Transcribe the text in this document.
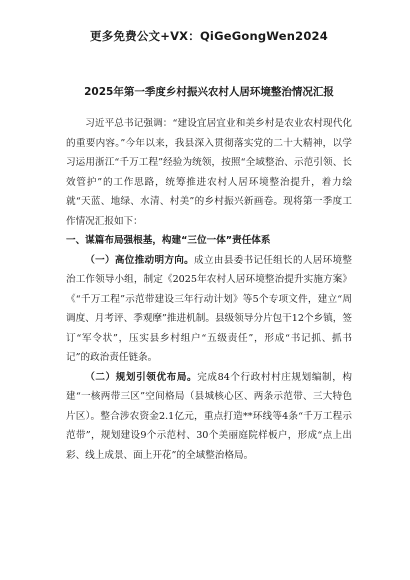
更多免费公文+VX：QiGeGongWen2024
2025年第一季度乡村振兴农村人居环境整治情况汇报

习近平总书记强调：“建设宜居宜业和美乡村是农业农村现代化的重要内容。”今年以来，我县深入贯彻落实党的二十大精神，以学习运用浙江“千万工程”经验为统领，按照“全域整治、示范引领、长效管护”的工作思路，统筹推进农村人居环境整治提升，着力绘就“天蓝、地绿、水清、村美”的乡村振兴新画卷。现将第一季度工作情况汇报如下：

一、谋篇布局强根基，构建“三位一体”责任体系

（一）高位推动明方向。成立由县委书记任组长的人居环境整治工作领导小组，制定《2025年农村人居环境整治提升实施方案》《“千万工程”示范带建设三年行动计划》等5个专项文件，建立“周调度、月考评、季观摩”推进机制。县级领导分片包干12个乡镇，签订“军令状”，压实县乡村组户“五级责任”，形成“书记抓、抓书记”的政治责任链条。

（二）规划引领优布局。完成84个行政村村庄规划编制，构建“一核两带三区”空间格局（县城核心区、两条示范带、三大特色片区）。整合涉农资金2.1亿元，重点打造**环线等4条“千万工程示范带”，规划建设9个示范村、30个美丽庭院样板户，形成“点上出彩、线上成景、面上开花”的全域整治格局。
